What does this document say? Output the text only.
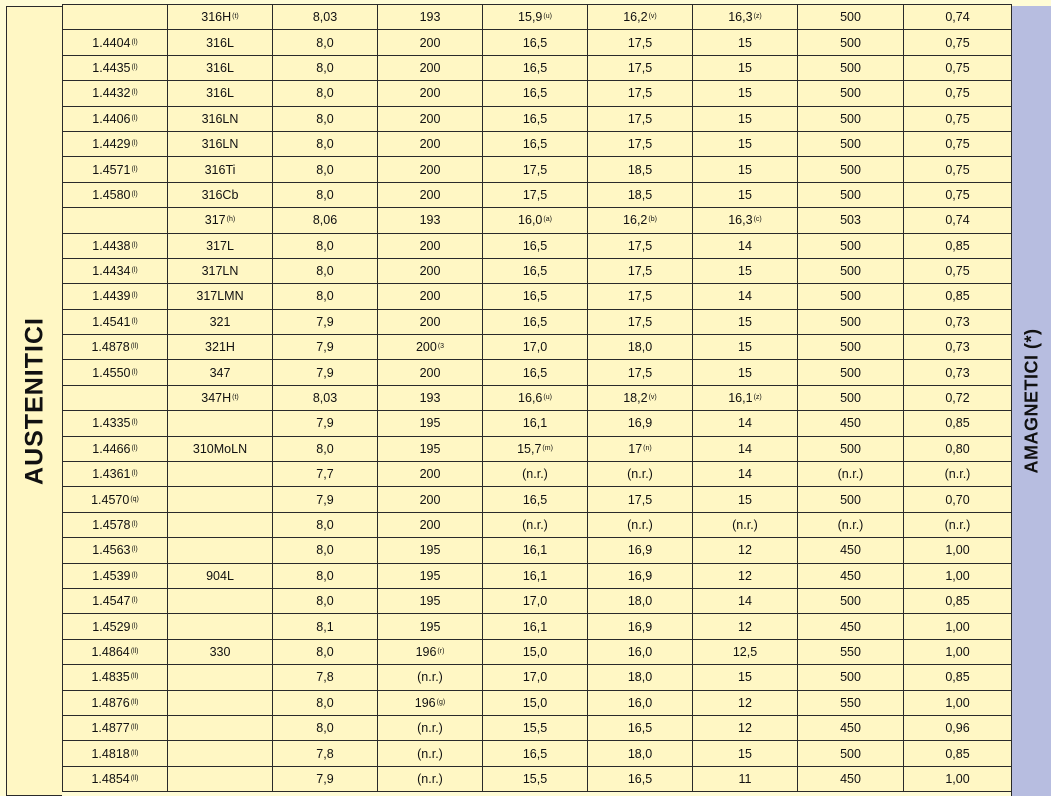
AUSTENITICI
	$316H^{(t)}$	8,03	193	15,9$^{(u)}$	16,2$^{(v)}$	16,3$^{(z)}$	500	0,74
1.4404$^{(l)}$	316L	8,0	200	16,5	17,5	15	500	0,75
1.4435$^{(l)}$	316L	8,0	200	16,5	17,5	15	500	0,75
1.4432$^{(l)}$	316L	8,0	200	16,5	17,5	15	500	0,75
1.4406$^{(l)}$	316LN	8,0	200	16,5	17,5	15	500	0,75
1.4429$^{(l)}$	316LN	8,0	200	16,5	17,5	15	500	0,75
1.4571$^{(l)}$	316Ti	8,0	200	17,5	18,5	15	500	0,75
1.4580$^{(l)}$	316Cb	8,0	200	17,5	18,5	15	500	0,75
	317$^{(h)}$	8,06	193	16,0$^{(a)}$	16,2$^{(b)}$	16,3$^{(c)}$	503	0,74
1.4438$^{(l)}$	317L	8,0	200	16,5	17,5	14	500	0,85
1.4434$^{(l)}$	317LN	8,0	200	16,5	17,5	15	500	0,75
1.4439$^{(l)}$	317LMN	8,0	200	16,5	17,5	14	500	0,85
1.4541$^{(l)}$	321	7,9	200	16,5	17,5	15	500	0,73
$1.4878^{(ll)}$	321H	7,9	200$^{(3}$	17,0	18,0	15	500	0,73
1.4550$^{(l)}$	347	7,9	200	16,5	17,5	15	500	0,73
	$347H^{(t)}$	8,03	193	16,6$^{(u)}$	18,2$^{(v)}$	16,1$^{(z)}$	500	0,72
1.4335$^{(l)}$		7,9	195	16,1	16,9	14	450	0,85
1.4466$^{(l)}$	310MoLN	8,0	195	15,7$^{(m)}$	17$^{(n)}$	14	500	0,80
1.4361$^{(l)}$		7,7	200	(n.r.)	(n.r.)	14	(n.r.)	(n.r.)
1.4570$^{(q)}$		7,9	200	16,5	17,5	15	500	0,70
1.4578$^{(l)}$		8,0	200	(n.r.)	(n.r.)	(n.r.)	(n.r.)	(n.r.)
1.4563$^{(l)}$		8,0	195	16,1	16,9	12	450	1,00
1.4539$^{(l)}$	904L	8,0	195	16,1	16,9	12	450	1,00
1.4547$^{(l)}$		8,0	195	17,0	18,0	14	500	0,85
1.4529$^{(l)}$		8,1	195	16,1	16,9	12	450	1,00
$1.4864^{(ll)}$	330	8,0	196$^{(r)}$	15,0	16,0	12,5	550	1,00
$1.4835^{(ll)}$		7,8	(n.r.)	17,0	18,0	15	500	0,85
$1.4876^{(ll)}$		8,0	196$^{(g)}$	15,0	16,0	12	550	1,00
$1.4877^{(ll)}$		8,0	(n.r.)	15,5	16,5	12	450	0,96
$1.4818^{(ll)}$		7,8	(n.r.)	16,5	18,0	15	500	0,85
$1.4854^{(ll)}$		7,9	(n.r.)	15,5	16,5	11	450	1,00
AMAGNETICI (*)
